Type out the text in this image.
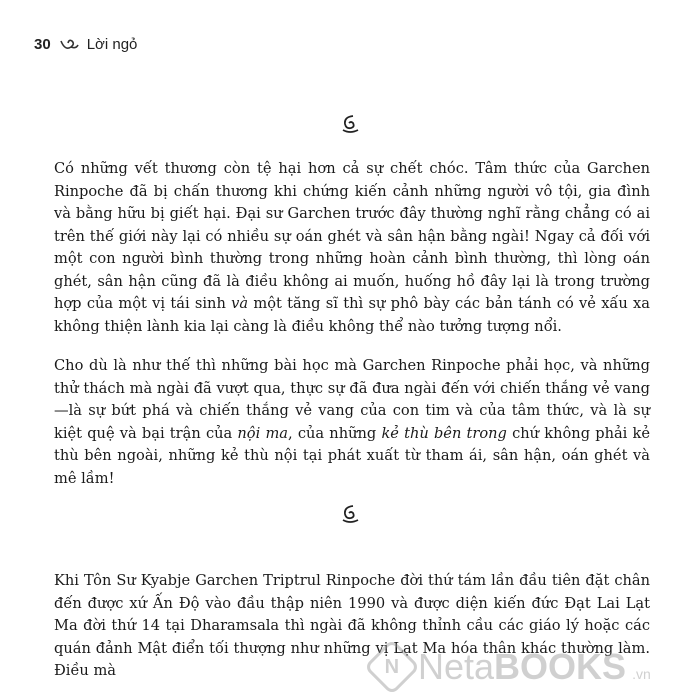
30 Lời ngỏ

Có những vết thương còn tệ hại hơn cả sự chết chóc. Tâm thức của Garchen Rinpoche đã bị chấn thương khi chứng kiến cảnh những người vô tội, gia đình và bằng hữu bị giết hại. Đại sư Garchen trước đây thường nghĩ rằng chẳng có ai trên thế giới này lại có nhiều sự oán ghét và sân hận bằng ngài! Ngay cả đối với một con người bình thường trong những hoàn cảnh bình thường, thì lòng oán ghét, sân hận cũng đã là điều không ai muốn, huống hồ đây lại là trong trường hợp của một vị tái sinh và một tăng sĩ thì sự phô bày các bản tánh có vẻ xấu xa không thiện lành kia lại càng là điều không thể nào tưởng tượng nổi.

Cho dù là như thế thì những bài học mà Garchen Rinpoche phải học, và những thử thách mà ngài đã vượt qua, thực sự đã đưa ngài đến với chiến thắng vẻ vang—là sự bứt phá và chiến thắng vẻ vang của con tim và của tâm thức, và là sự kiệt quệ và bại trận của nội ma, của những kẻ thù bên trong chứ không phải kẻ thù bên ngoài, những kẻ thù nội tại phát xuất từ tham ái, sân hận, oán ghét và mê lầm!

Khi Tôn Sư Kyabje Garchen Triptrul Rinpoche đời thứ tám lần đầu tiên đặt chân đến được xứ Ấn Độ vào đầu thập niên 1990 và được diện kiến đức Đạt Lai Lạt Ma đời thứ 14 tại Dharamsala thì ngài đã không thỉnh cầu các giáo lý hoặc các quán đảnh Mật điển tối thượng như những vị Lạt Ma hóa thân khác thường làm. Điều mà	N NetaBOOKS .vn
